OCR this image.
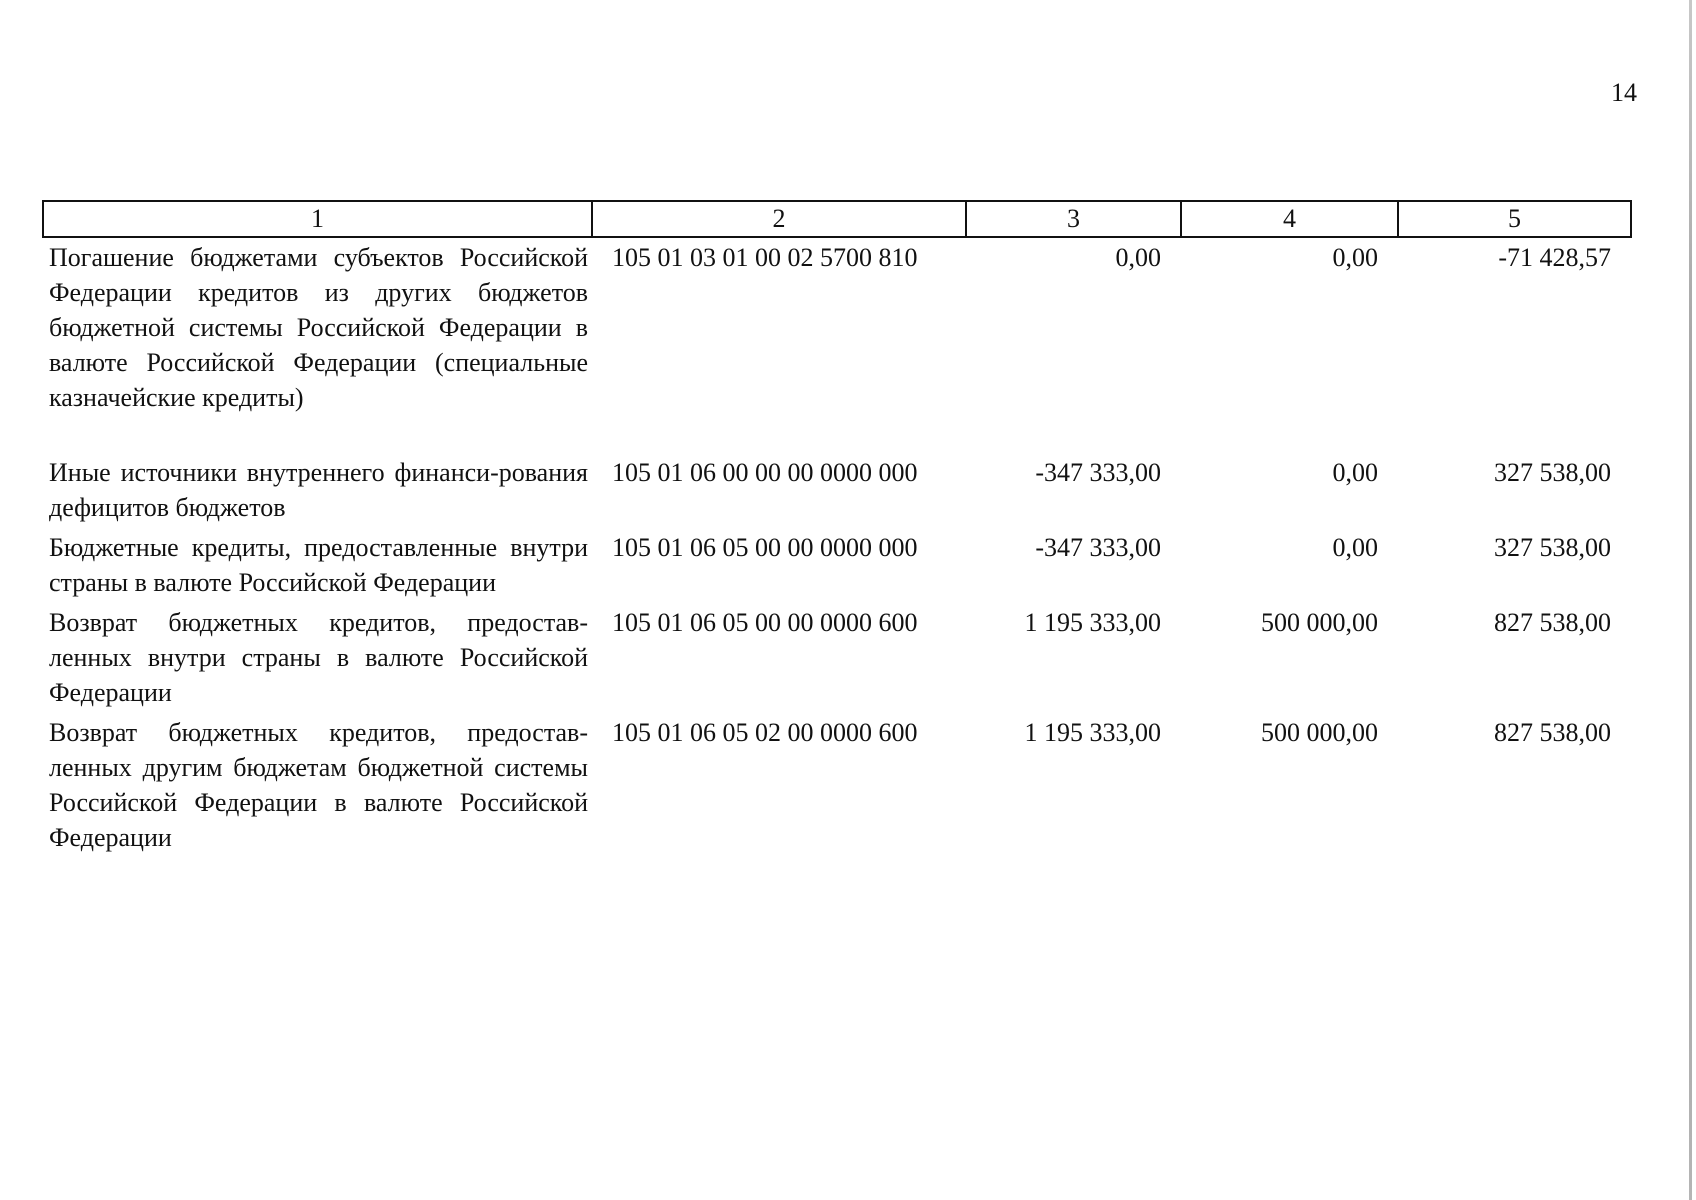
14
1	2	3	4	5
Погашение бюджетами субъектов Российской Федерации кредитов из других бюджетов бюджетной системы Российской Федерации в валюте Российской Федерации (специальные казначейские кредиты)	105 01 03 01 00 02 5700 810	0,00	0,00	-71 428,57

Иные источники внутреннего финанси-рования дефицитов бюджетов	105 01 06 00 00 00 0000 000	-347 333,00	0,00	327 538,00
Бюджетные кредиты, предоставленные внутри страны в валюте Российской Федерации	105 01 06 05 00 00 0000 000	-347 333,00	0,00	327 538,00
Возврат бюджетных кредитов, предостав-ленных внутри страны в валюте Российской Федерации	105 01 06 05 00 00 0000 600	1 195 333,00	500 000,00	827 538,00
Возврат бюджетных кредитов, предостав-ленных другим бюджетам бюджетной системы Российской Федерации в валюте Российской Федерации	105 01 06 05 02 00 0000 600	1 195 333,00	500 000,00	827 538,00
